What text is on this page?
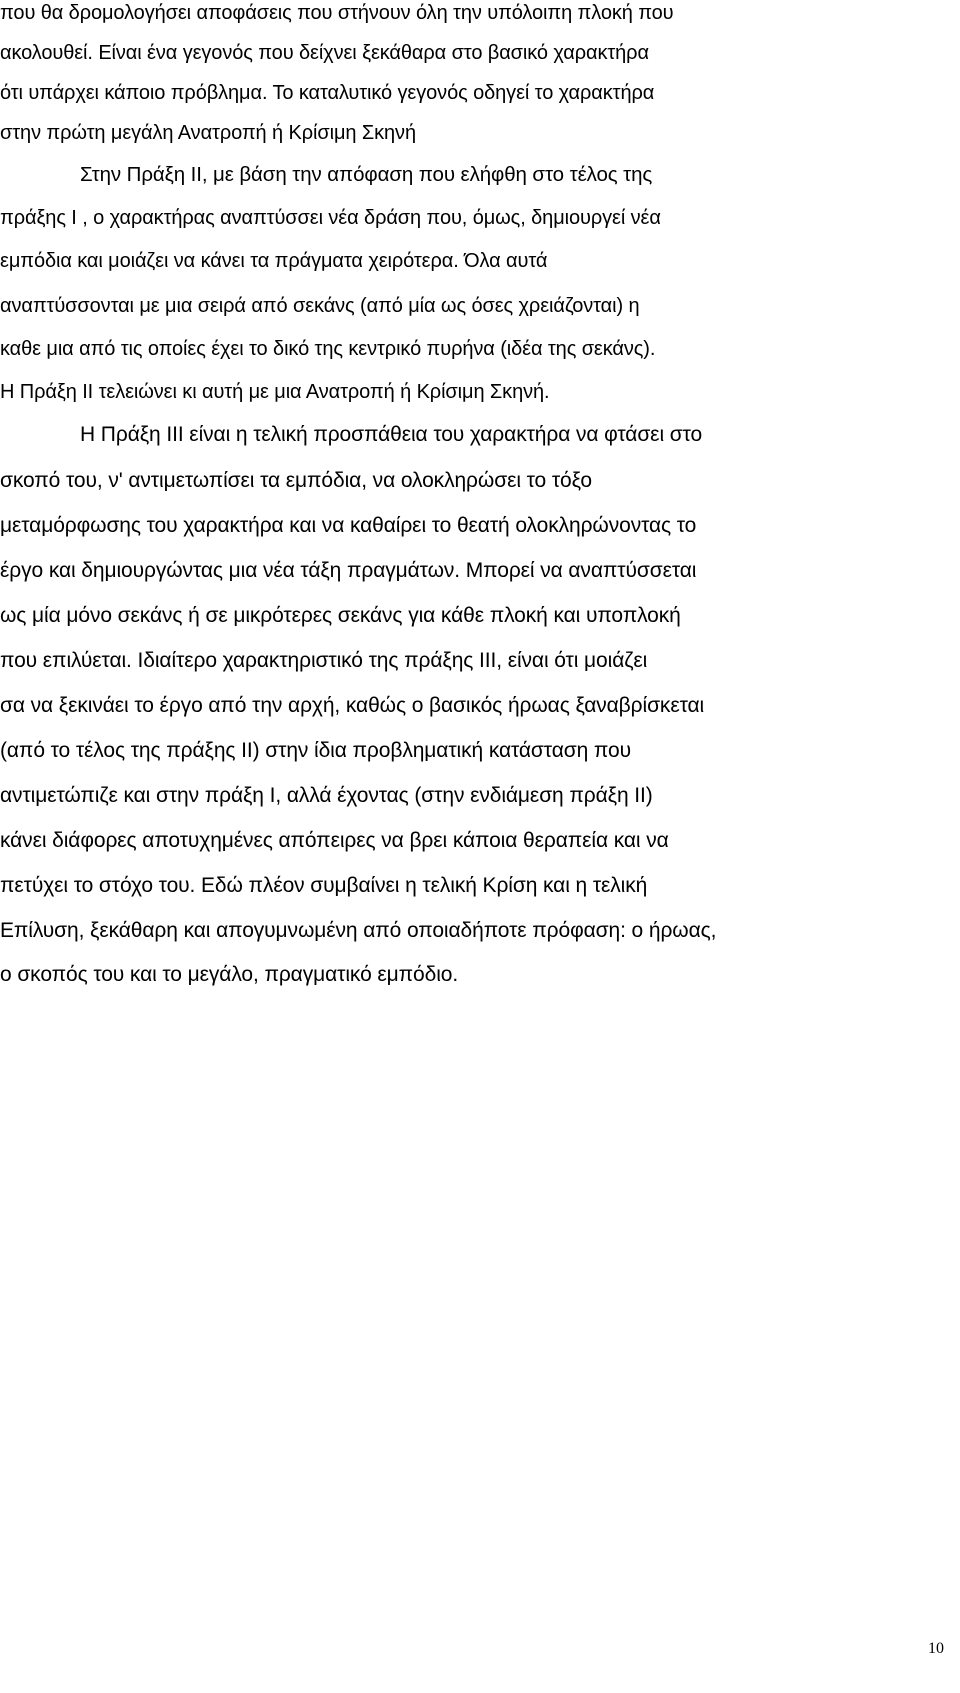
που θα δρομολογήσει αποφάσεις που στήνουν όλη την υπόλοιπη πλοκή που
ακολουθεί. Είναι ένα γεγονός που δείχνει ξεκάθαρα στο βασικό χαρακτήρα
ότι υπάρχει κάποιο πρόβλημα. Το καταλυτικό γεγονός οδηγεί το χαρακτήρα
στην πρώτη μεγάλη Ανατροπή ή Κρίσιμη Σκηνή
Στην Πράξη ΙΙ, με βάση την απόφαση που ελήφθη στο τέλος της
πράξης Ι , ο χαρακτήρας αναπτύσσει νέα δράση που, όμως, δημιουργεί νέα
εμπόδια και μοιάζει να κάνει τα πράγματα χειρότερα. Όλα αυτά
αναπτύσσονται με μια σειρά από σεκάνς (από μία ως όσες χρειάζονται) η
καθε μια από τις οποίες έχει το δικό της κεντρικό πυρήνα (ιδέα της σεκάνς).
Η Πράξη ΙΙ τελειώνει κι αυτή με μια Ανατροπή ή Κρίσιμη Σκηνή.
Η Πράξη ΙΙΙ είναι η τελική προσπάθεια του χαρακτήρα να φτάσει στο
σκοπό του, ν' αντιμετωπίσει τα εμπόδια, να ολοκληρώσει το τόξο
μεταμόρφωσης του χαρακτήρα και να καθαίρει το θεατή ολοκληρώνοντας το
έργο και δημιουργώντας μια νέα τάξη πραγμάτων. Μπορεί να αναπτύσσεται
ως μία μόνο σεκάνς ή σε μικρότερες σεκάνς για κάθε πλοκή και υποπλοκή
που επιλύεται. Ιδιαίτερο χαρακτηριστικό της πράξης ΙΙΙ, είναι ότι μοιάζει
σα να ξεκινάει το έργο από την αρχή, καθώς ο βασικός ήρωας ξαναβρίσκεται
(από το τέλος της πράξης ΙΙ) στην ίδια προβληματική κατάσταση που
αντιμετώπιζε και στην πράξη Ι, αλλά έχοντας (στην ενδιάμεση πράξη ΙΙ)
κάνει διάφορες αποτυχημένες απόπειρες να βρει κάποια θεραπεία και να
πετύχει το στόχο του. Εδώ πλέον συμβαίνει η τελική Κρίση και η τελική
Επίλυση, ξεκάθαρη και απογυμνωμένη από οποιαδήποτε πρόφαση: ο ήρωας,
ο σκοπός του και το μεγάλο, πραγματικό εμπόδιο.
10
